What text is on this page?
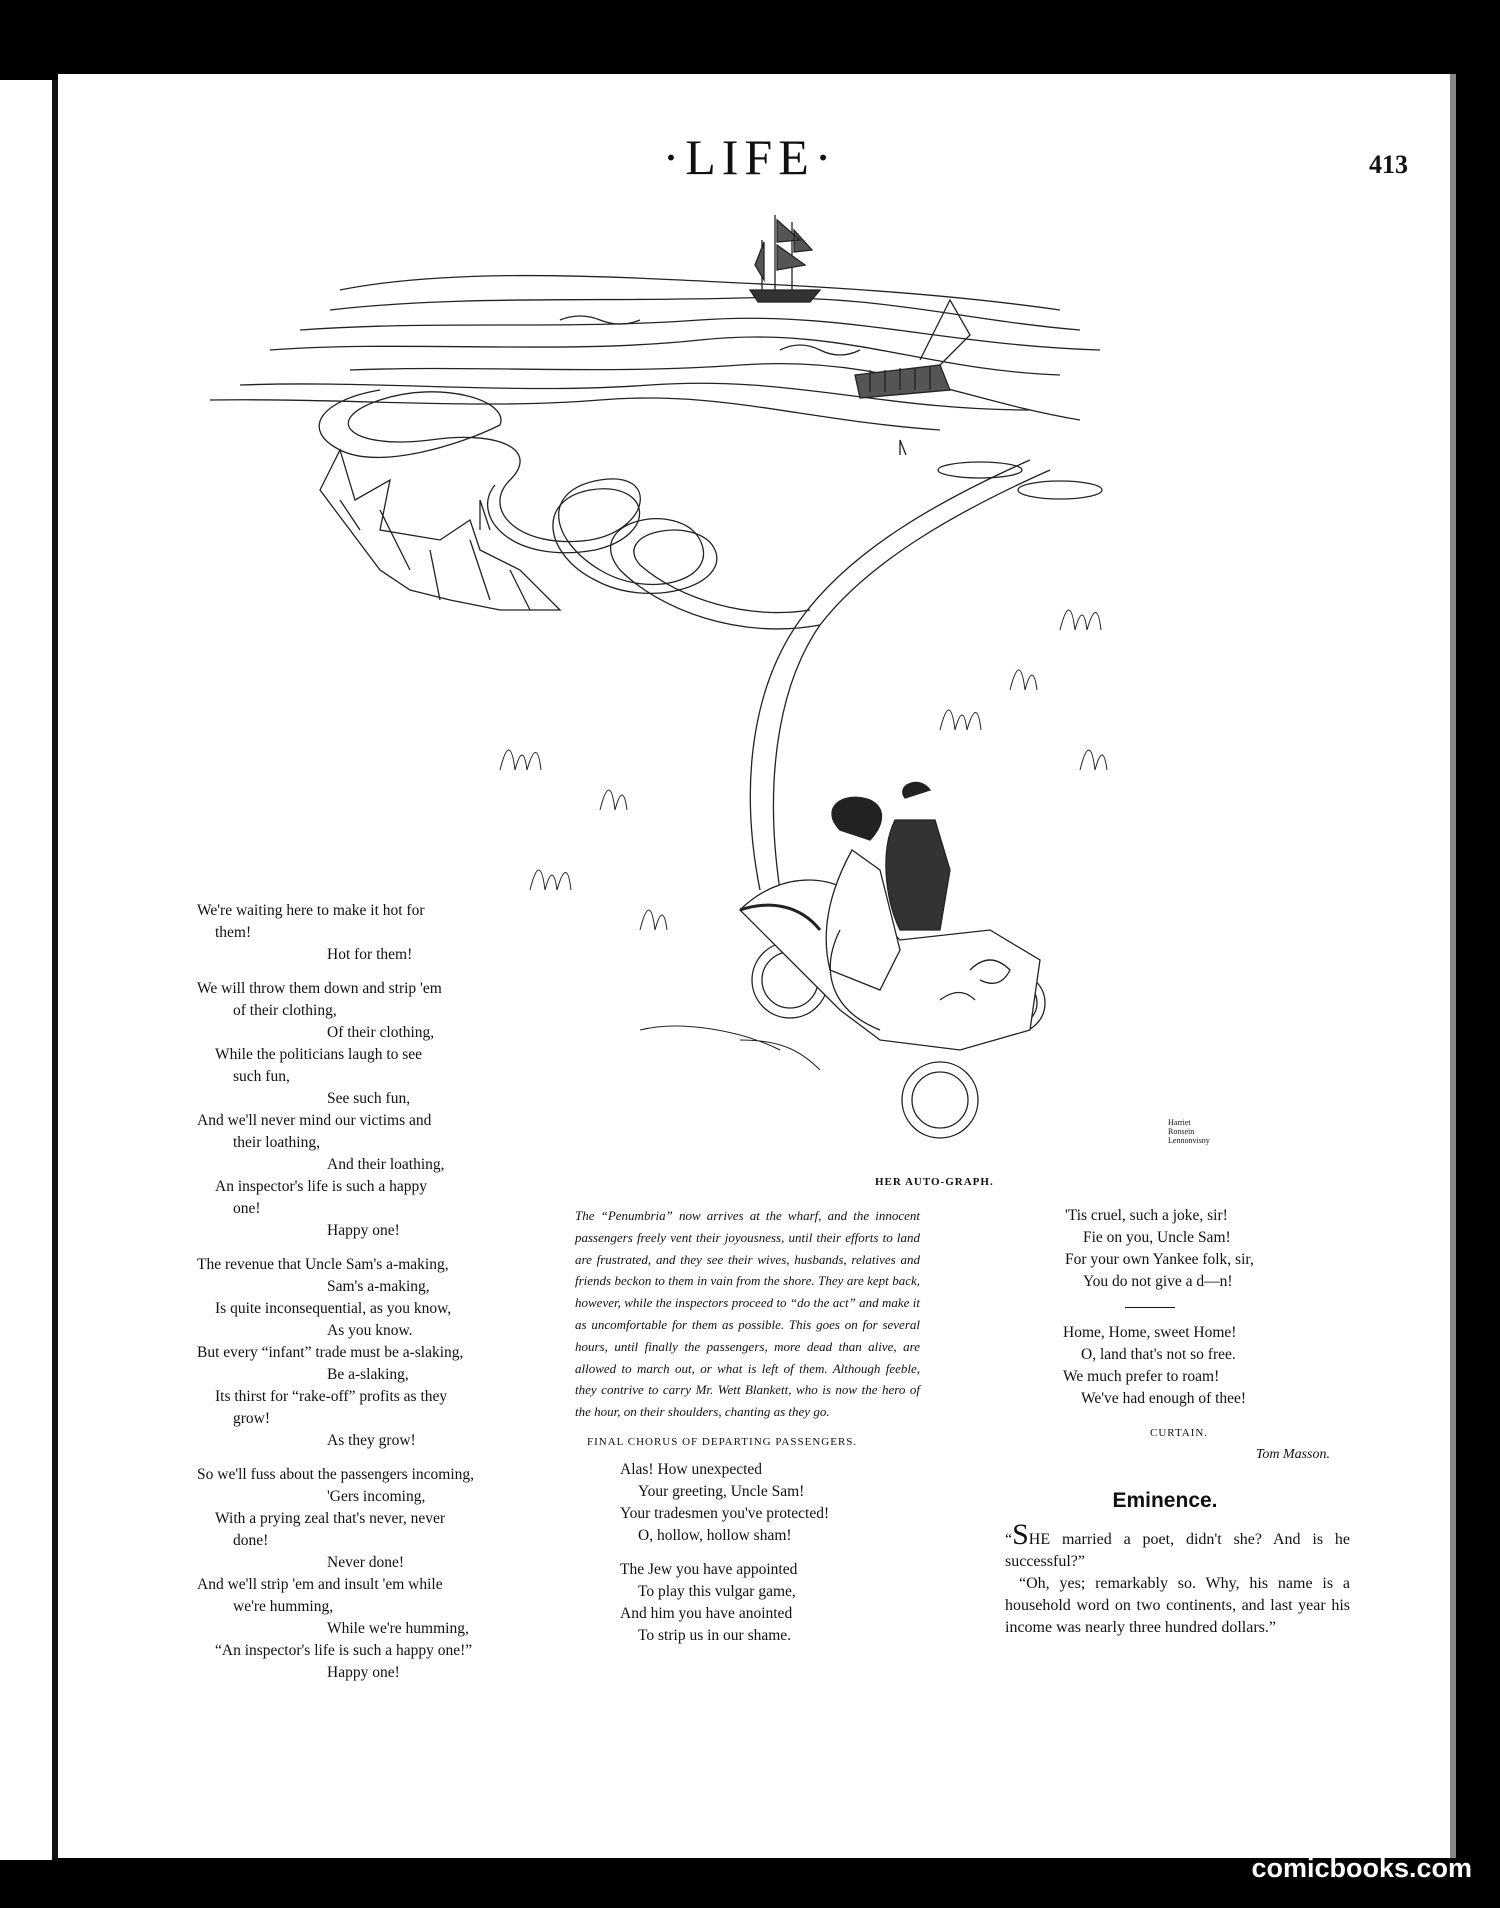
·LIFE·	413
Harriet
Ronsein
Lennonvisny
HER AUTO-GRAPH.
We're waiting here to make it hot for
them!
Hot for them!
We will throw them down and strip 'em
of their clothing,
Of their clothing,
While the politicians laugh to see
such fun,
See such fun,
And we'll never mind our victims and
their loathing,
And their loathing,
An inspector's life is such a happy
one!
Happy one!
The revenue that Uncle Sam's a-making,
Sam's a-making,
Is quite inconsequential, as you know,
As you know.
But every “infant” trade must be a-slaking,
Be a-slaking,
Its thirst for “rake-off” profits as they
grow!
As they grow!
So we'll fuss about the passengers incoming,
'Gers incoming,
With a prying zeal that's never, never
done!
Never done!
And we'll strip 'em and insult 'em while
we're humming,
While we're humming,
“An inspector's life is such a happy one!”
Happy one!
The “Penumbria” now arrives at the wharf, and the innocent passengers freely vent their joyousness, until their efforts to land are frustrated, and they see their wives, husbands, relatives and friends beckon to them in vain from the shore. They are kept back, however, while the inspectors proceed to “do the act” and make it as uncomfortable for them as possible. This goes on for several hours, until finally the passengers, more dead than alive, are allowed to march out, or what is left of them. Although feeble, they contrive to carry Mr. Wett Blankett, who is now the hero of the hour, on their shoulders, chanting as they go.
FINAL CHORUS OF DEPARTING PASSENGERS.
Alas! How unexpected
Your greeting, Uncle Sam!
Your tradesmen you've protected!
O, hollow, hollow sham!
The Jew you have appointed
To play this vulgar game,
And him you have anointed
To strip us in our shame.
'Tis cruel, such a joke, sir!
Fie on you, Uncle Sam!
For your own Yankee folk, sir,
You do not give a d—n!
Home, Home, sweet Home!
O, land that's not so free.
We much prefer to roam!
We've had enough of thee!
CURTAIN.
Tom Masson.
Eminence.
“SHE married a poet, didn't she? And is he successful?”
“Oh, yes; remarkably so. Why, his name is a household word on two continents, and last year his income was nearly three hundred dollars.”
comicbooks.com
